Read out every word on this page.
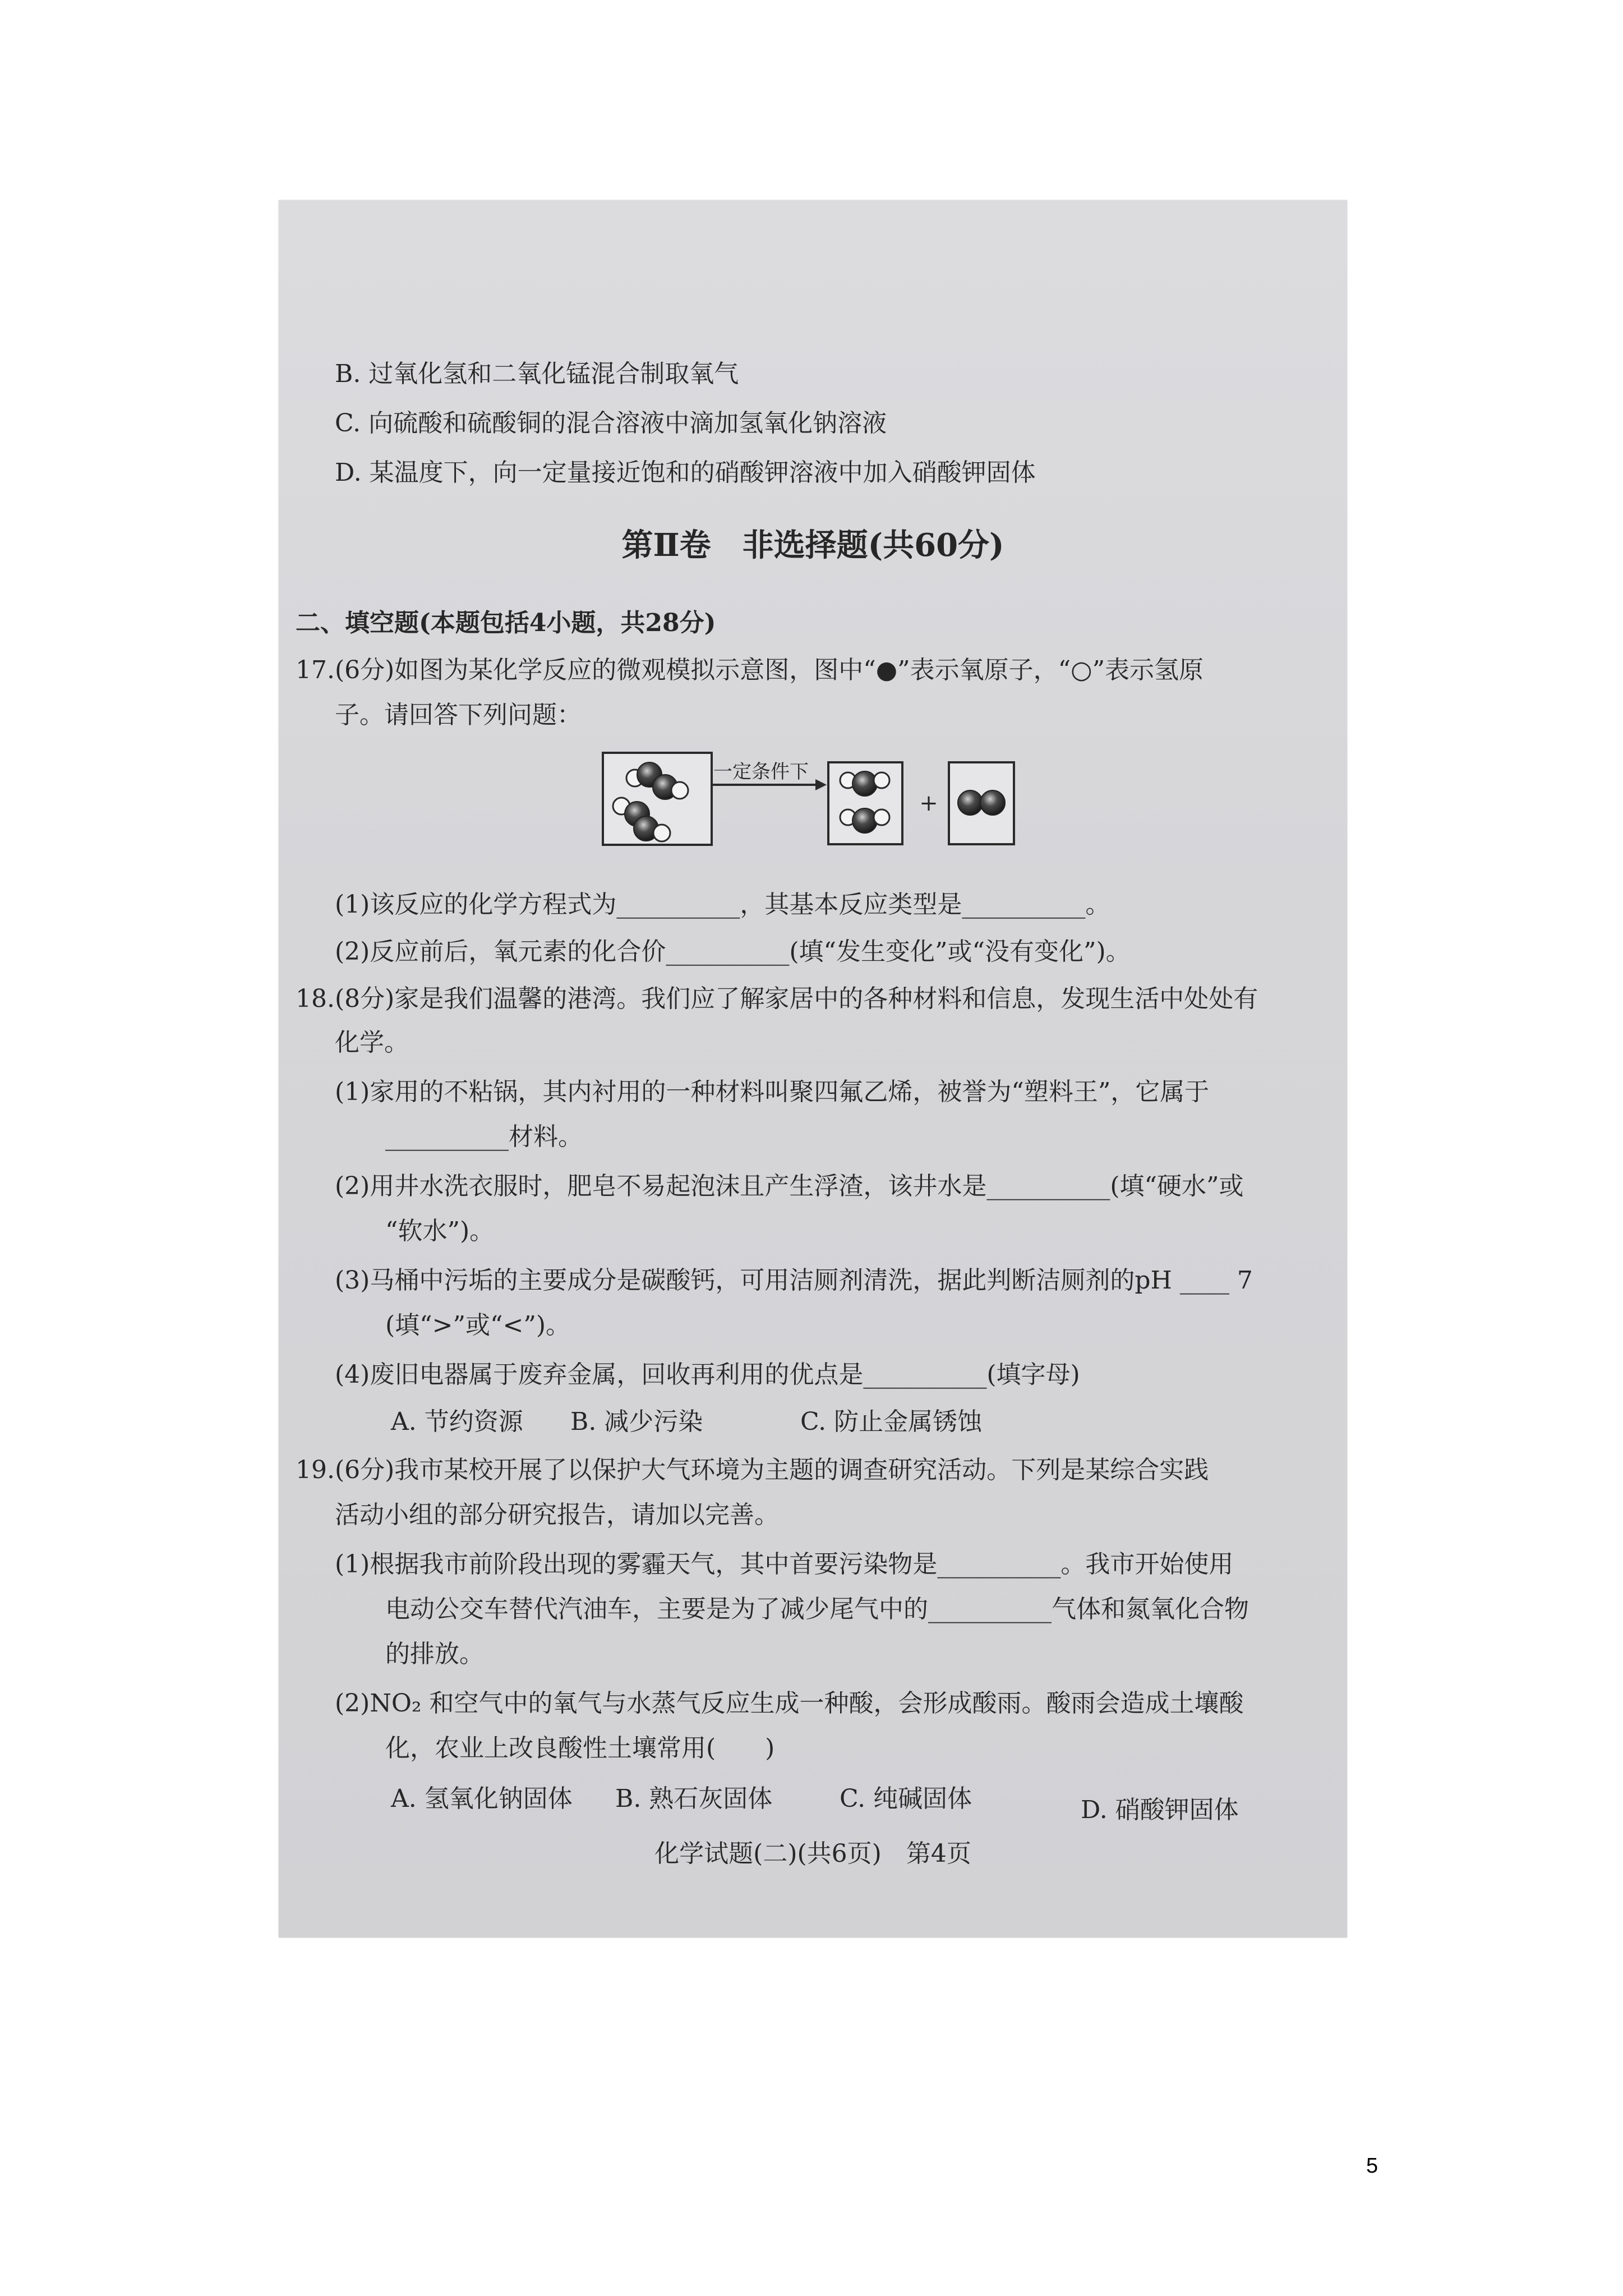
B. 过氧化氢和二氧化锰混合制取氧气
C. 向硫酸和硫酸铜的混合溶液中滴加氢氧化钠溶液
D. 某温度下，向一定量接近饱和的硝酸钾溶液中加入硝酸钾固体
第Ⅱ卷　非选择题(共60分)
二、填空题(本题包括4小题，共28分)
17.(6分)如图为某化学反应的微观模拟示意图，图中“●”表示氧原子，“○”表示氢原
子。请回答下列问题：
一定条件下
+
(1)该反应的化学方程式为__________，其基本反应类型是__________。
(2)反应前后，氧元素的化合价__________(填“发生变化”或“没有变化”)。
18.(8分)家是我们温馨的港湾。我们应了解家居中的各种材料和信息，发现生活中处处有
化学。
(1)家用的不粘锅，其内衬用的一种材料叫聚四氟乙烯，被誉为“塑料王”，它属于
__________材料。
(2)用井水洗衣服时，肥皂不易起泡沫且产生浮渣，该井水是__________(填“硬水”或
“软水”)。
(3)马桶中污垢的主要成分是碳酸钙，可用洁厕剂清洗，据此判断洁厕剂的pH ____ 7
(填“>”或“<”)。
(4)废旧电器属于废弃金属，回收再利用的优点是__________(填字母)
A. 节约资源 B. 减少污染	C. 防止金属锈蚀
19.(6分)我市某校开展了以保护大气环境为主题的调查研究活动。下列是某综合实践
活动小组的部分研究报告，请加以完善。
(1)根据我市前阶段出现的雾霾天气，其中首要污染物是__________。我市开始使用
电动公交车替代汽油车，主要是为了减少尾气中的__________气体和氮氧化合物
的排放。
(2)NO₂ 和空气中的氧气与水蒸气反应生成一种酸，会形成酸雨。酸雨会造成土壤酸
化，农业上改良酸性土壤常用(　　)
A. 氢氧化钠固体 B. 熟石灰固体	C. 纯碱固体	D. 硝酸钾固体
化学试题(二)(共6页)　第4页
5
